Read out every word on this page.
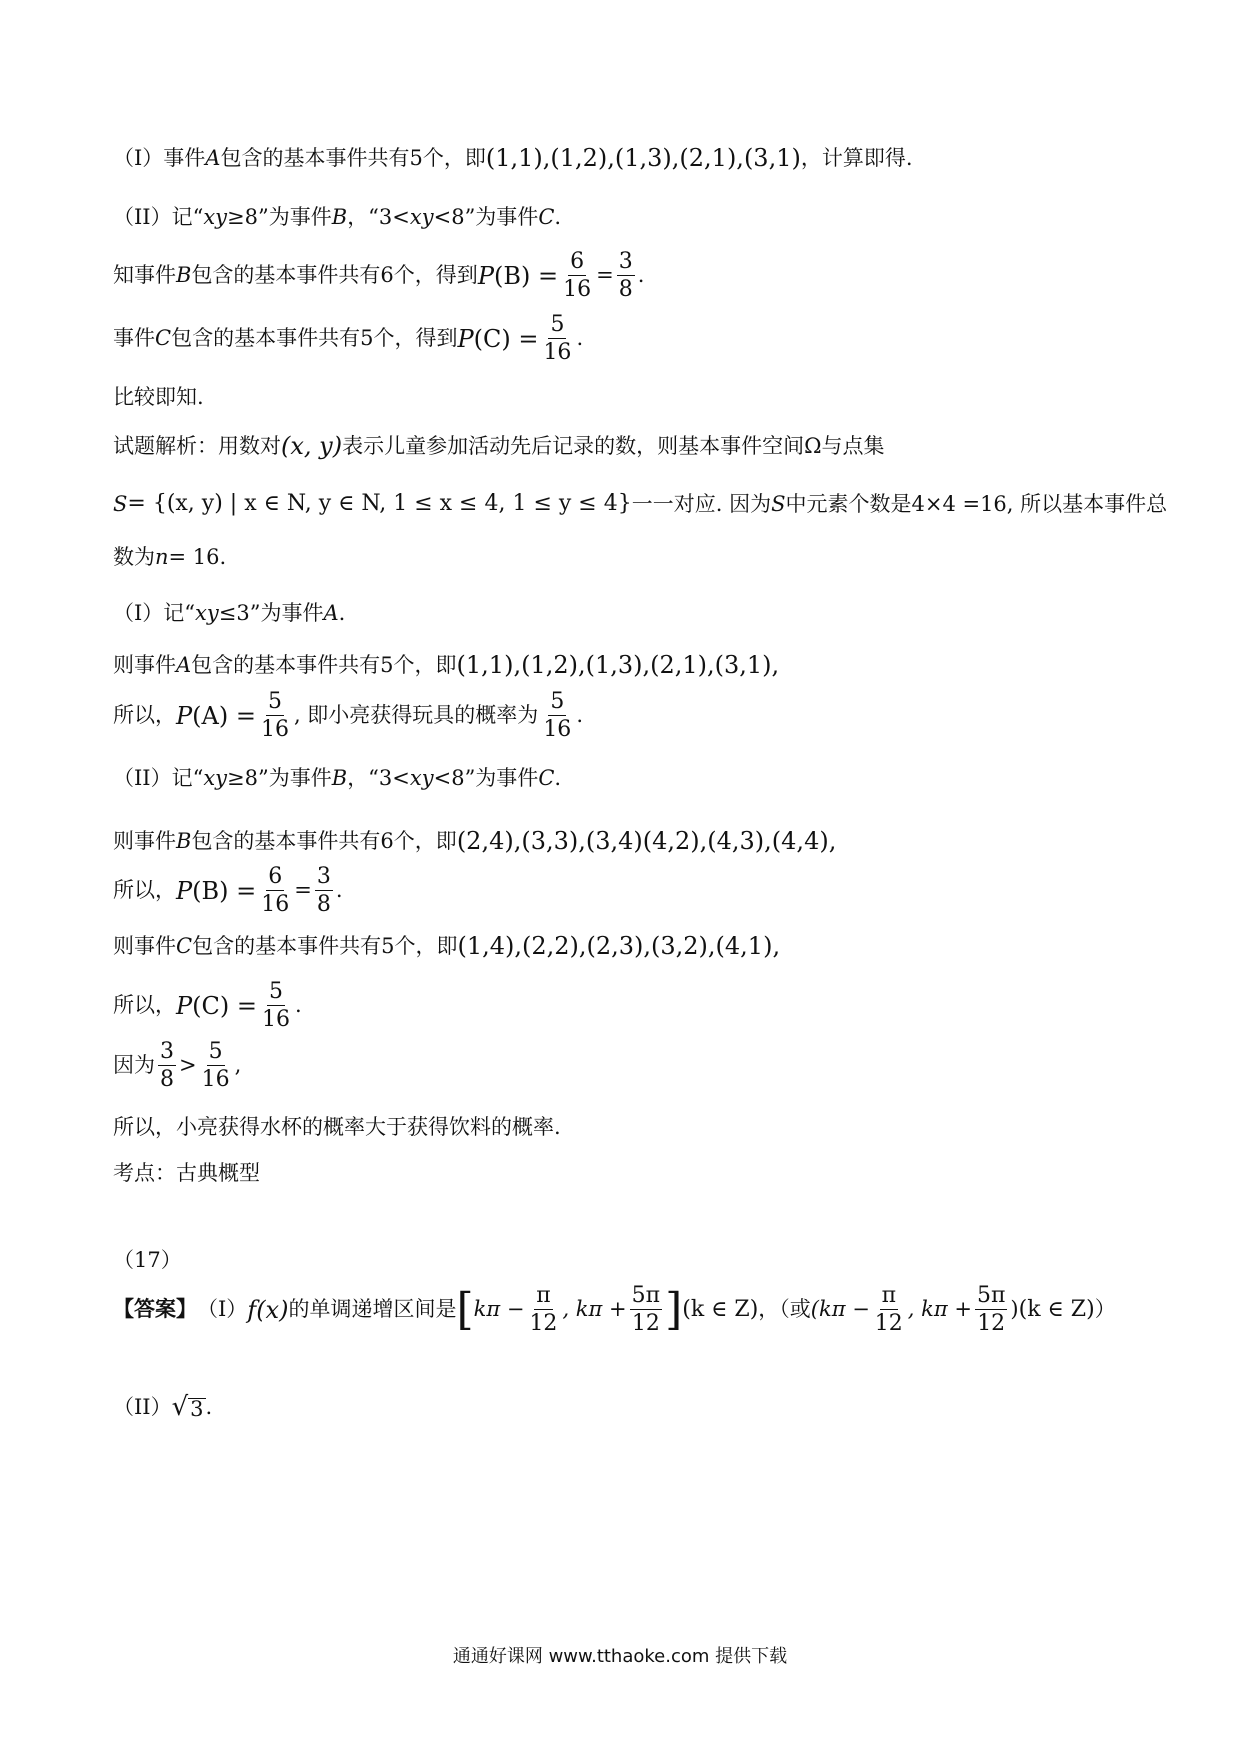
（I）事件 A 包含的基本事件共有5个，即 (1,1),(1,2),(1,3),(2,1),(3,1) ，计算即得.

（II）记“ xy ≥8”为事件 B ，“3< xy <8”为事件 C .

知事件 B 包含的基本事件共有6个，得到 P $(B) = \frac{6}{16} = \frac{3}{8}$ .

事件 C 包含的基本事件共有5个，得到 P $(C) = \frac{5}{16}$ .

比较即知.

试题解析：用数对 (x, y) 表示儿童参加活动先后记录的数，则基本事件空间Ω与点集

S = {(x, y) | x ∈ N, y ∈ N, 1 ≤ x ≤ 4, 1 ≤ y ≤ 4} 一一对应. 因为 S 中元素个数是4×4 =16, 所以基本事件总

数为 n = 16.

（I）记“ xy ≤3”为事件 A .

则事件 A 包含的基本事件共有5个，即 (1,1),(1,2),(1,3),(2,1),(3,1),

所以， P $(A) = \frac{5}{16}$ , 即小亮获得玩具的概率为 $\frac{5}{16}$ .

（II）记“ xy ≥8”为事件 B ，“3< xy <8”为事件 C .

则事件 B 包含的基本事件共有6个，即 (2,4),(3,3),(3,4)(4,2),(4,3),(4,4),

所以， P $(B) = \frac{6}{16} = \frac{3}{8}$ .

则事件 C 包含的基本事件共有5个，即 (1,4),(2,2),(2,3),(3,2),(4,1),

所以， P $(C) = \frac{5}{16}$ .

因为 $\frac{3}{8} > \frac{5}{16}$ ,

所以，小亮获得水杯的概率大于获得饮料的概率.

考点：古典概型

（17）

【答案】 （I） f (x) 的单调递增区间是 [ $k\pi - \frac{\pi}{12}$ , $k\pi + \frac{5\pi}{12}$ ] (k ∈ Z) ，（或 ($k\pi - \frac{\pi}{12}$ , $k\pi + \frac{5\pi}{12}$ ) (k ∈ Z) ）

（II） √ 3 .

通通好课网 www.tthaoke.com 提供下载
